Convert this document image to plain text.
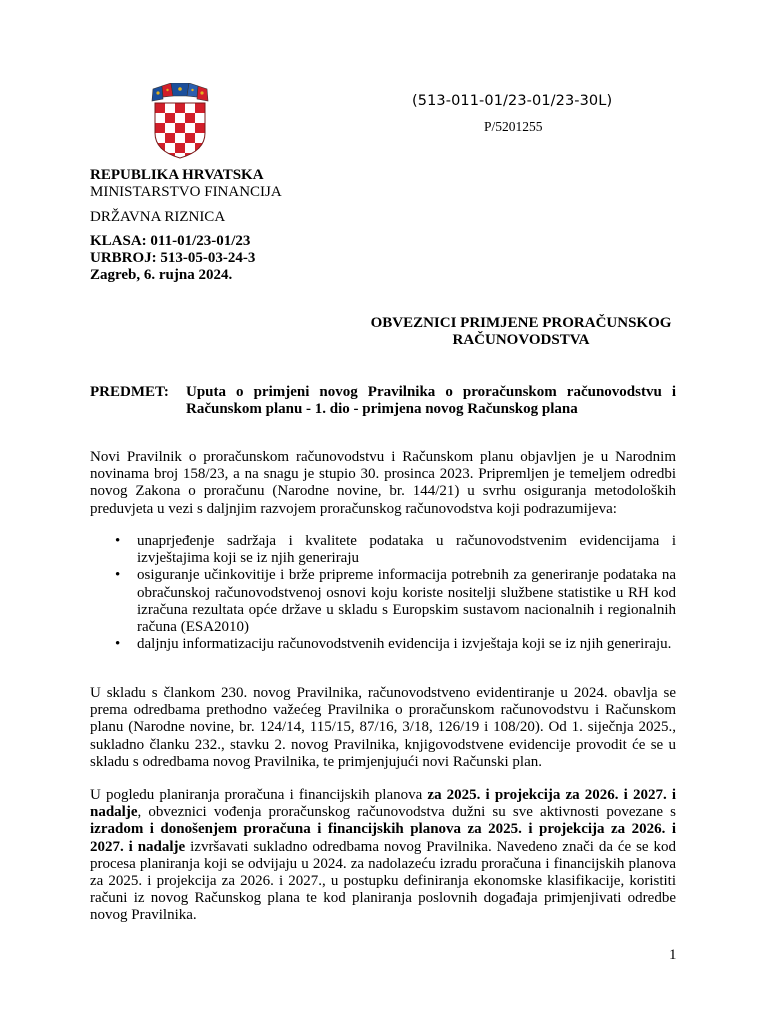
(513-011-01/23-01/23-30L)
P/5201255
REPUBLIKA HRVATSKA
MINISTARSTVO FINANCIJA
DRŽAVNA RIZNICA
KLASA: 011-01/23-01/23
URBROJ: 513-05-03-24-3
Zagreb, 6. rujna 2024.
OBVEZNICI PRIMJENE PRORAČUNSKOG
RAČUNOVODSTVA
PREDMET: Uputa o primjeni novog Pravilnika o proračunskom računovodstvu i Računskom planu - 1. dio - primjena novog Računskog plana
Novi Pravilnik o proračunskom računovodstvu i Računskom planu objavljen je u Narodnim novinama broj 158/23, a na snagu je stupio 30. prosinca 2023. Pripremljen je temeljem odredbi novog Zakona o proračunu (Narodne novine, br. 144/21) u svrhu osiguranja metodoloških preduvjeta u vezi s daljnjim razvojem proračunskog računovodstva koji podrazumijeva:
• unaprjeđenje sadržaja i kvalitete podataka u računovodstvenim evidencijama i izvještajima koji se iz njih generiraju
• osiguranje učinkovitije i brže pripreme informacija potrebnih za generiranje podataka na obračunskoj računovodstvenoj osnovi koju koriste nositelji službene statistike u RH kod izračuna rezultata opće države u skladu s Europskim sustavom nacionalnih i regionalnih računa (ESA2010)
• daljnju informatizaciju računovodstvenih evidencija i izvještaja koji se iz njih generiraju.
U skladu s člankom 230. novog Pravilnika, računovodstveno evidentiranje u 2024. obavlja se prema odredbama prethodno važećeg Pravilnika o proračunskom računovodstvu i Računskom planu (Narodne novine, br. 124/14, 115/15, 87/16, 3/18, 126/19 i 108/20). Od 1. siječnja 2025., sukladno članku 232., stavku 2. novog Pravilnika, knjigovodstvene evidencije provodit će se u skladu s odredbama novog Pravilnika, te primjenjujući novi Računski plan.
U pogledu planiranja proračuna i financijskih planova za 2025. i projekcija za 2026. i 2027. i nadalje, obveznici vođenja proračunskog računovodstva dužni su sve aktivnosti povezane s izradom i donošenjem proračuna i financijskih planova za 2025. i projekcija za 2026. i 2027. i nadalje izvršavati sukladno odredbama novog Pravilnika. Navedeno znači da će se kod procesa planiranja koji se odvijaju u 2024. za nadolazeću izradu proračuna i financijskih planova za 2025. i projekcija za 2026. i 2027., u postupku definiranja ekonomske klasifikacije, koristiti računi iz novog Računskog plana te kod planiranja poslovnih događaja primjenjivati odredbe novog Pravilnika.
1
